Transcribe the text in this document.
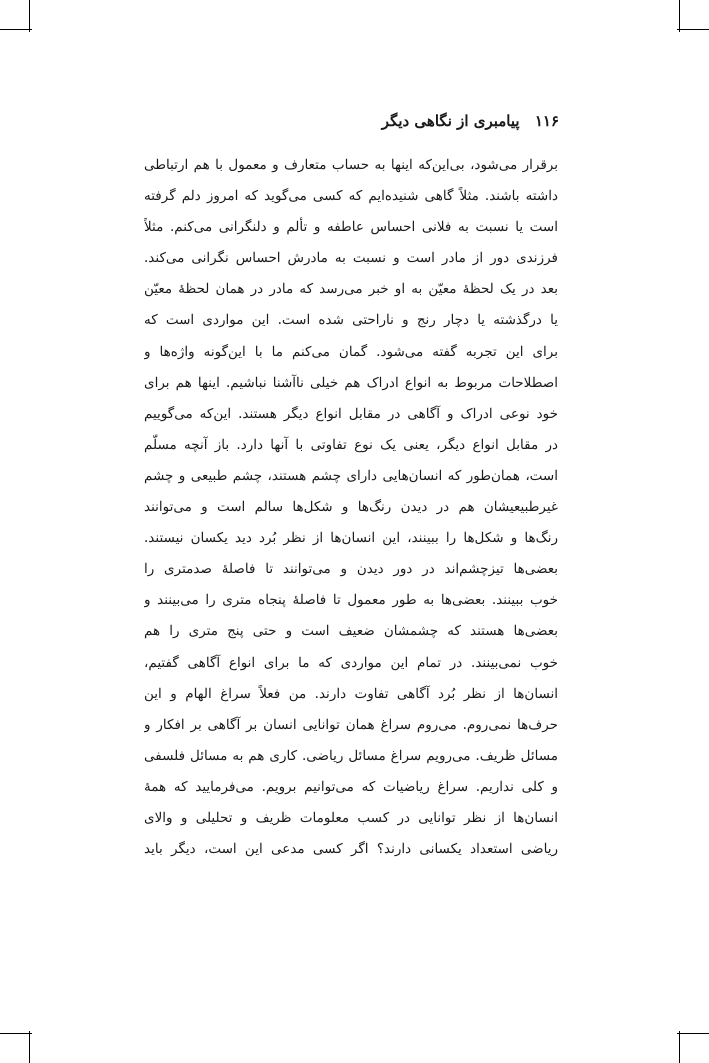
۱۱۶ پیامبری از نگاهی دیگر
برقرار می‌شود، بی‌این‌که اینها به حساب متعارف و معمول با هم ارتباطی
داشته باشند. مثلاً گاهی شنیده‌ایم که کسی می‌گوید که امروز دلم گرفته
است یا نسبت به فلانی احساس عاطفه و تألم و دلنگرانی می‌کنم. مثلاً
فرزندی دور از مادر است و نسبت به مادرش احساس نگرانی می‌کند.
بعد در یک لحظهٔ معیّن به او خبر می‌رسد که مادر در همان لحظهٔ معیّن
یا درگذشته یا دچار رنج و ناراحتی شده است. این مواردی است که
برای این تجربه گفته می‌شود. گمان می‌کنم ما با این‌گونه واژه‌ها و
اصطلاحات مربوط به انواع ادراک هم خیلی ناآشنا نباشیم. اینها هم برای
خود نوعی ادراک و آگاهی در مقابل انواع دیگر هستند. این‌که می‌گوییم
در مقابل انواع دیگر، یعنی یک نوع تفاوتی با آنها دارد. باز آنچه مسلّم
است، همان‌طور که انسان‌هایی دارای چشم هستند، چشم طبیعی و چشم
غیرطبیعیشان هم در دیدن رنگ‌ها و شکل‌ها سالم است و می‌توانند
رنگ‌ها و شکل‌ها را ببینند، این انسان‌ها از نظر بُرد دید یکسان نیستند.
بعضی‌ها تیزچشم‌اند در دور دیدن و می‌توانند تا فاصلهٔ صدمتری را
خوب ببینند. بعضی‌ها به طور معمول تا فاصلهٔ پنجاه متری را می‌بینند و
بعضی‌ها هستند که چشمشان ضعیف است و حتی پنج متری را هم
خوب نمی‌بینند. در تمام این مواردی که ما برای انواع آگاهی گفتیم،
انسان‌ها از نظر بُرد آگاهی تفاوت دارند. من فعلاً سراغ الهام و این
حرف‌ها نمی‌روم. می‌روم سراغ همان توانایی انسان بر آگاهی بر افکار و
مسائل ظریف. می‌رویم سراغ مسائل ریاضی. کاری هم به مسائل فلسفی
و کلی نداریم. سراغ ریاضیات که می‌توانیم برویم. می‌فرمایید که همهٔ
انسان‌ها از نظر توانایی در کسب معلومات ظریف و تحلیلی و والای
ریاضی استعداد یکسانی دارند؟ اگر کسی مدعی این است، دیگر باید
